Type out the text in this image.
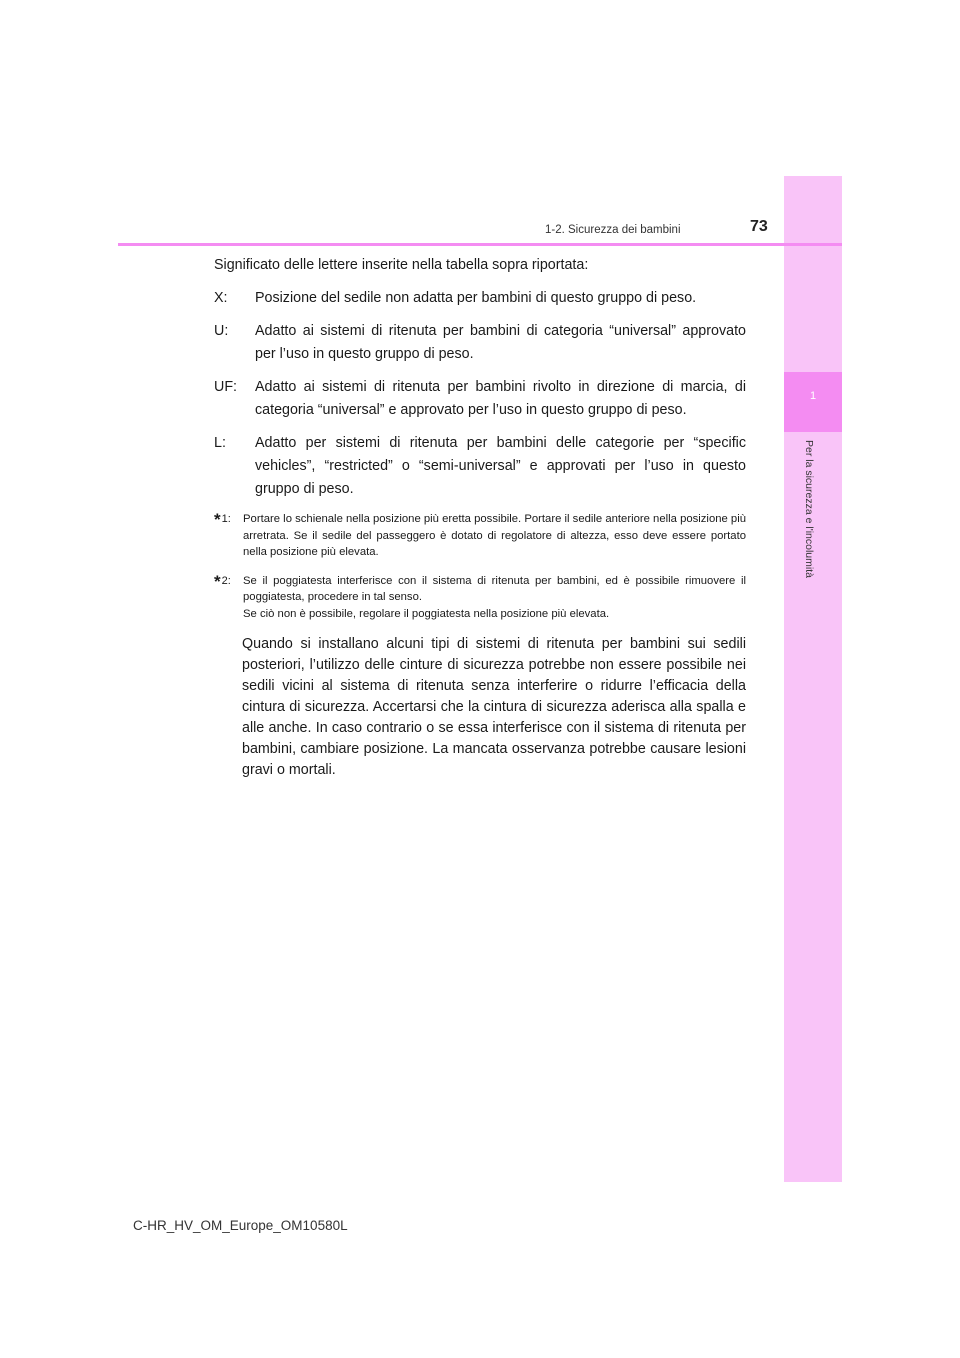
1
Per la sicurezza e l'incolumità
1-2. Sicurezza dei bambini	73

Significato delle lettere inserite nella tabella sopra riportata:

X:	Posizione del sedile non adatta per bambini di questo gruppo di peso.
U:	Adatto ai sistemi di ritenuta per bambini di categoria “universal” approvato per l’uso in questo gruppo di peso.
UF:	Adatto ai sistemi di ritenuta per bambini rivolto in direzione di marcia, di categoria “universal” e approvato per l’uso in questo gruppo di peso.
L:	Adatto per sistemi di ritenuta per bambini delle categorie per “specific vehicles”, “restricted” o “semi-universal” e approvati per l’uso in questo gruppo di peso.
*1: Portare lo schienale nella posizione più eretta possibile. Portare il sedile anteriore nella posizione più arretrata. Se il sedile del passeggero è dotato di regolatore di altezza, esso deve essere portato nella posizione più elevata.
*2: Se il poggiatesta interferisce con il sistema di ritenuta per bambini, ed è possibile rimuovere il poggiatesta, procedere in tal senso.
Se ciò non è possibile, regolare il poggiatesta nella posizione più elevata.

Quando si installano alcuni tipi di sistemi di ritenuta per bambini sui sedili posteriori, l’utilizzo delle cinture di sicurezza potrebbe non essere possibile nei sedili vicini al sistema di ritenuta senza interferire o ridurre l’efficacia della cintura di sicurezza. Accertarsi che la cintura di sicurezza aderisca alla spalla e alle anche. In caso contrario o se essa interferisce con il sistema di ritenuta per bambini, cambiare posizione. La mancata osservanza potrebbe causare lesioni gravi o mortali.

C-HR_HV_OM_Europe_OM10580L
